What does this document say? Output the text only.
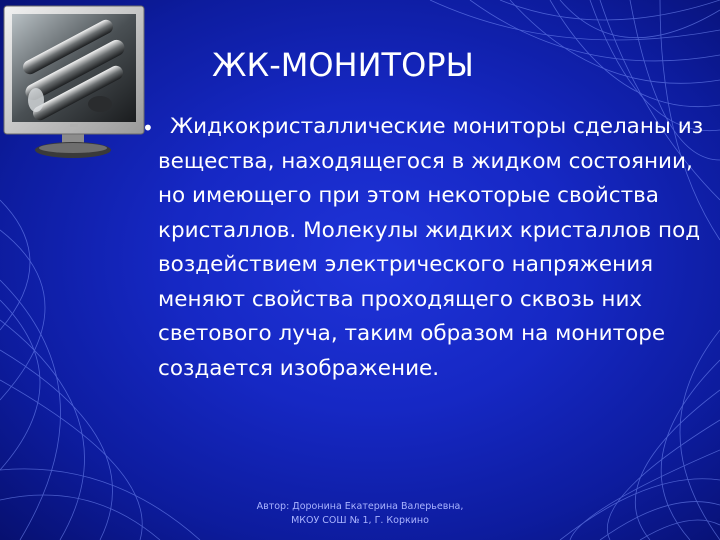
ЖК-МОНИТОРЫ
• Жидкокристаллические мониторы сделаны из вещества, находящегося в жидком состоянии, но имеющего при этом некоторые свойства кристаллов. Молекулы жидких кристаллов под воздействием электрического напряжения меняют свойства проходящего сквозь них светового луча, таким образом на мониторе создается изображение.

Автор: Доронина Екатерина Валерьевна,
МКОУ СОШ № 1, Г. Коркино
